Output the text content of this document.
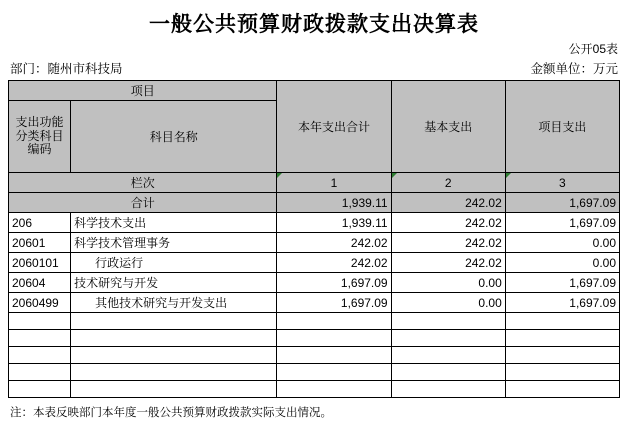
一般公共预算财政拨款支出决算表
公开05表
部门：随州市科技局	金额单位：万元
项目		本年支出合计	基本支出	项目支出

支出功能
分类科目
编码	科目名称			
栏次		1	2	3
合计		1,939.11	242.02	1,697.09
206	科学技术支出	1,939.11	242.02	1,697.09
20601	科学技术管理事务	242.02	242.02	0.00
2060101	行政运行	242.02	242.02	0.00
20604	技术研究与开发	1,697.09	0.00	1,697.09
2060499	其他技术研究与开发支出	1,697.09	0.00	1,697.09

注：本表反映部门本年度一般公共预算财政拨款实际支出情况。
